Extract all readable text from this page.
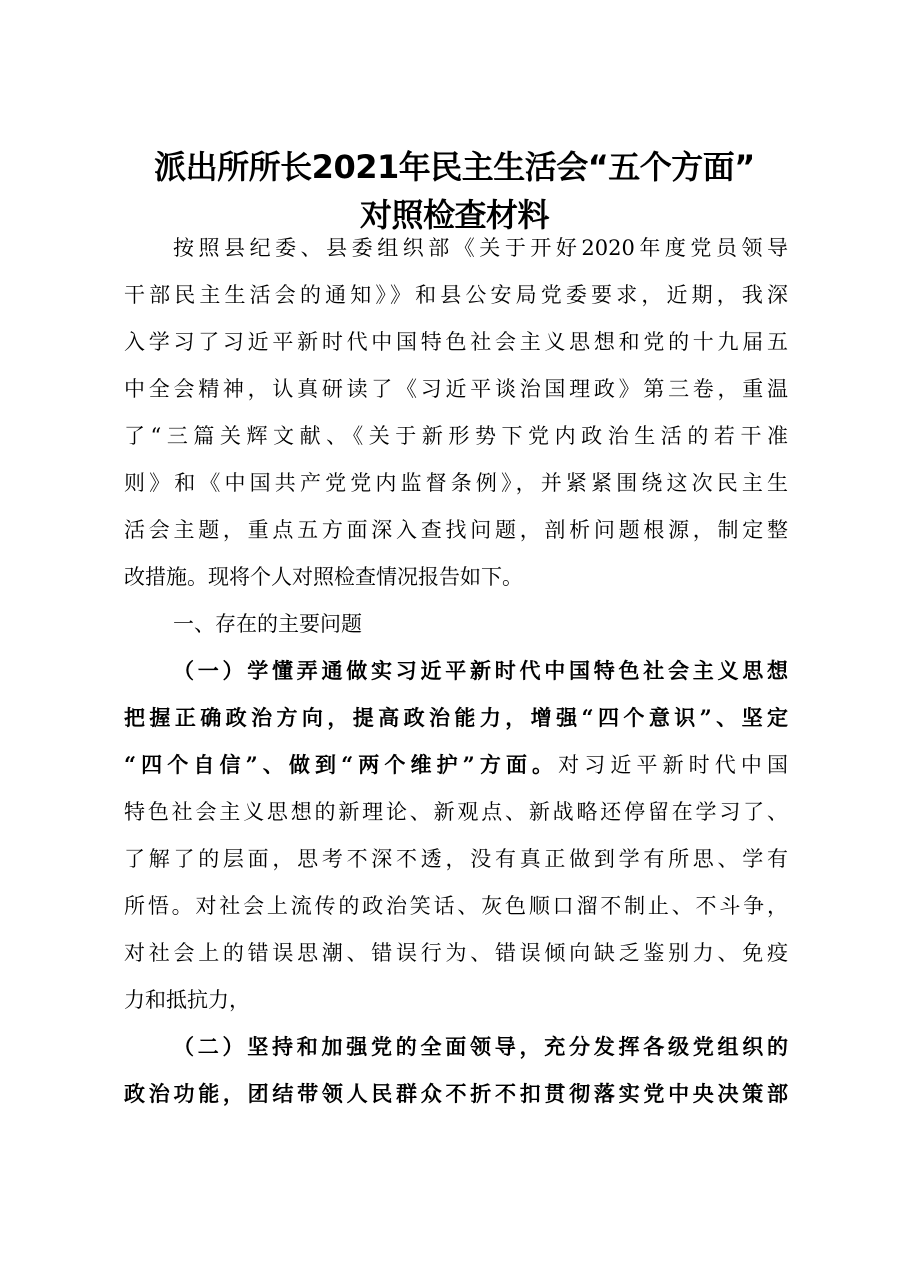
派出所所长2021年民主生活会“五个方面”
对照检查材料
按照县纪委、县委组织部《关于开好2020年度党员领导
干部民主生活会的通知》》和县公安局党委要求，近期，我深
入学习了习近平新时代中国特色社会主义思想和党的十九届五
中全会精神，认真研读了《习近平谈治国理政》第三卷，重温
了“三篇关辉文献、《关于新形势下党内政治生活的若干准
则》和《中国共产党党内监督条例》，并紧紧围绕这次民主生
活会主题，重点五方面深入查找问题，剖析问题根源，制定整
改措施。现将个人对照检查情况报告如下。
一、存在的主要问题
（一）学懂弄通做实习近平新时代中国特色社会主义思想
把握正确政治方向，提高政治能力，增强“四个意识”、坚定
“四个自信”、做到“两个维护”方面。对习近平新时代中国
特色社会主义思想的新理论、新观点、新战略还停留在学习了、
了解了的层面，思考不深不透，没有真正做到学有所思、学有
所悟。对社会上流传的政治笑话、灰色顺口溜不制止、不斗争，
对社会上的错误思潮、错误行为、错误倾向缺乏鉴别力、免疫
力和抵抗力，
（二）坚持和加强党的全面领导，充分发挥各级党组织的
政治功能，团结带领人民群众不折不扣贯彻落实党中央决策部
